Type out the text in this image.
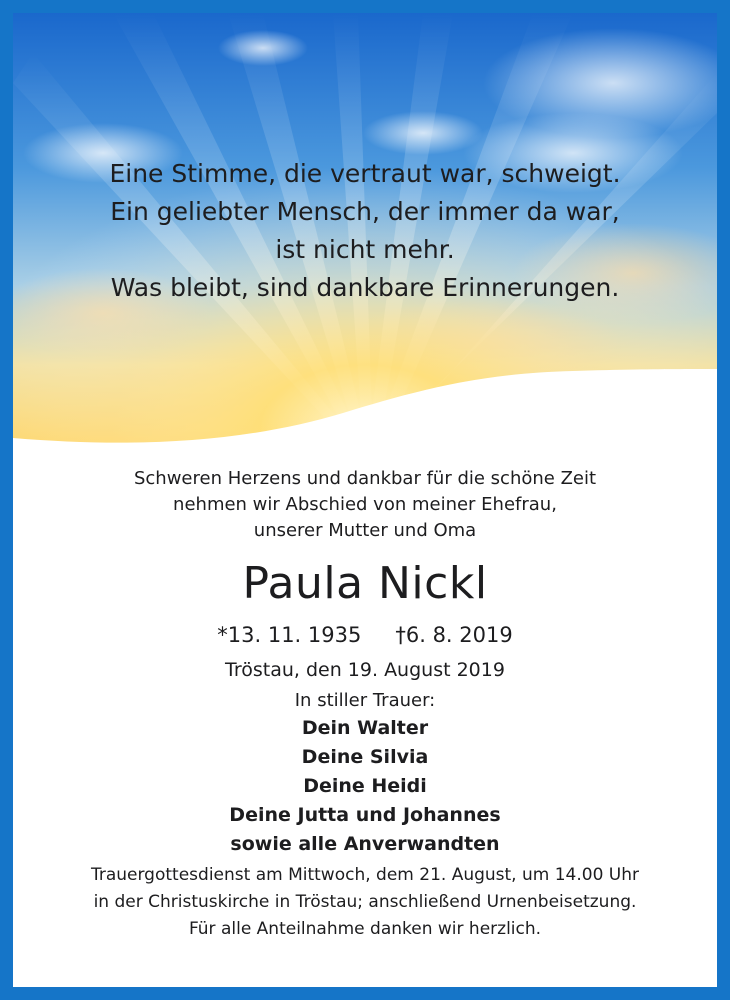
Eine Stimme, die vertraut war, schweigt.
Ein geliebter Mensch, der immer da war,
ist nicht mehr.
Was bleibt, sind dankbare Erinnerungen.
Schweren Herzens und dankbar für die schöne Zeit
nehmen wir Abschied von meiner Ehefrau,
unserer Mutter und Oma
Paula Nickl
*13. 11. 1935 †6. 8. 2019
Tröstau, den 19. August 2019
In stiller Trauer:
Dein Walter
Deine Silvia
Deine Heidi
Deine Jutta und Johannes
sowie alle Anverwandten
Trauergottesdienst am Mittwoch, dem 21. August, um 14.00 Uhr
in der Christuskirche in Tröstau; anschließend Urnenbeisetzung.
Für alle Anteilnahme danken wir herzlich.
